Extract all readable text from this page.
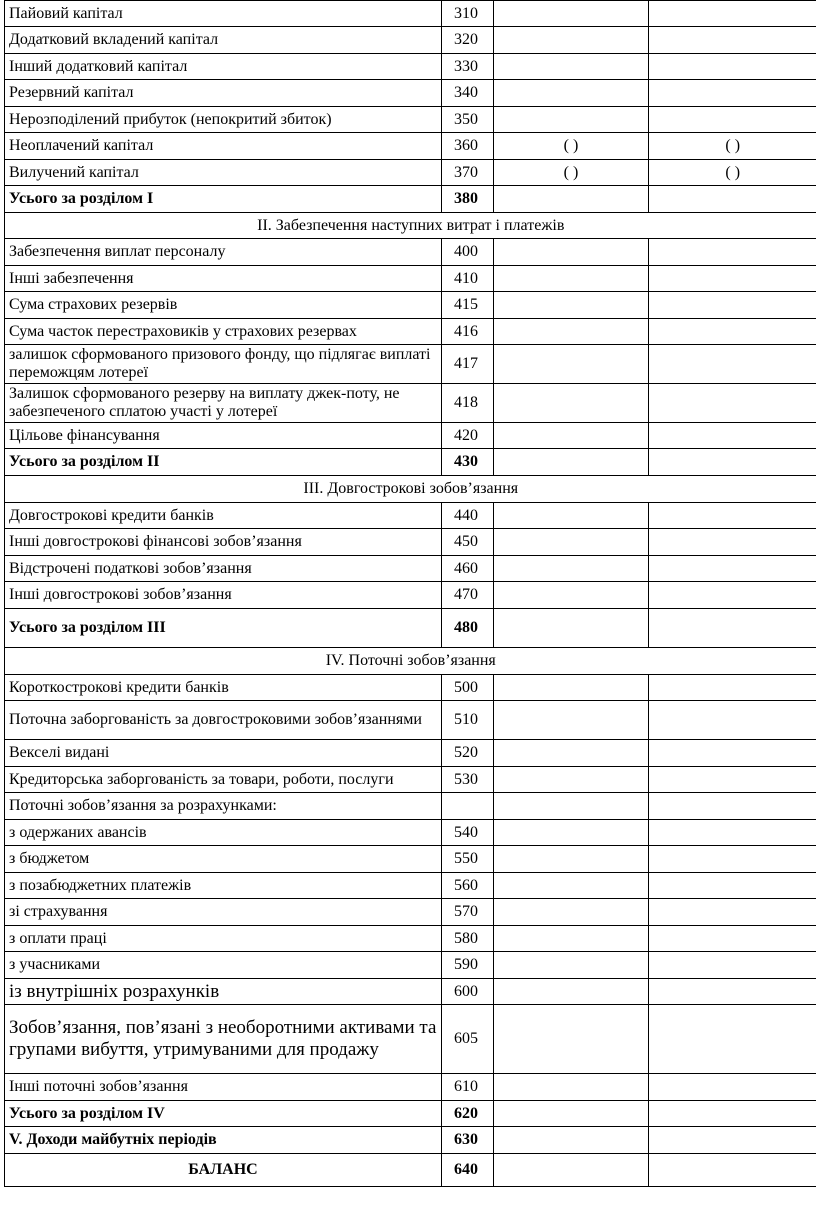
Пайовий капітал	310		
Додатковий вкладений капітал	320		
Інший додатковий капітал	330		
Резервний капітал	340		
Нерозподілений прибуток (непокритий збиток)	350		
Неоплачений капітал	360	( )	( )
Вилучений капітал	370	( )	( )
Усього за розділом I	380		
II. Забезпечення наступних витрат і платежів			
Забезпечення виплат персоналу	400		
Інші забезпечення	410		
Сума страхових резервів	415		
Сума часток перестраховиків у страхових резервах	416		
залишок сформованого призового фонду, що підлягає виплаті переможцям лотереї	417		
Залишок сформованого резерву на виплату джек-поту, не забезпеченого сплатою участі у лотереї	418		
Цільове фінансування	420		
Усього за розділом II	430		
III. Довгострокові зобов’язання			
Довгострокові кредити банків	440		
Інші довгострокові фінансові зобов’язання	450		
Відстрочені податкові зобов’язання	460		
Інші довгострокові зобов’язання	470		
Усього за розділом III	480		
IV. Поточні зобов’язання			
Короткострокові кредити банків	500		
Поточна заборгованість за довгостроковими зобов’язаннями	510		
Векселі видані	520		
Кредиторська заборгованість за товари, роботи, послуги	530		
Поточні зобов’язання за розрахунками:			
з одержаних авансів	540		
з бюджетом	550		
з позабюджетних платежів	560		
зі страхування	570		
з оплати праці	580		
з учасниками	590		
із внутрішніх розрахунків	600		
Зобов’язання, пов’язані з необоротними активами та групами вибуття, утримуваними для продажу	605		
Інші поточні зобов’язання	610		
Усього за розділом IV	620		
V. Доходи майбутніх періодів	630		
БАЛАНС	640		
